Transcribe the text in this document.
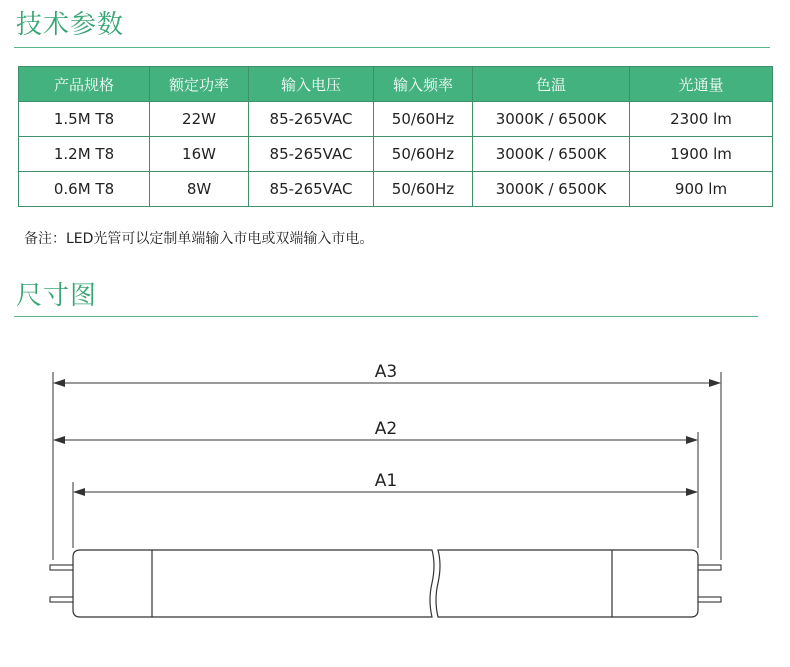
技术参数
产品规格	额定功率	输入电压	输入频率	色温	光通量
1.5M T8	22W	85-265VAC	50/60Hz	3000K / 6500K	2300 lm
1.2M T8	16W	85-265VAC	50/60Hz	3000K / 6500K	1900 lm
0.6M T8	8W	85-265VAC	50/60Hz	3000K / 6500K	900 lm
备注：LED光管可以定制单端输入市电或双端输入市电。
尺寸图
A3
A2
A1
